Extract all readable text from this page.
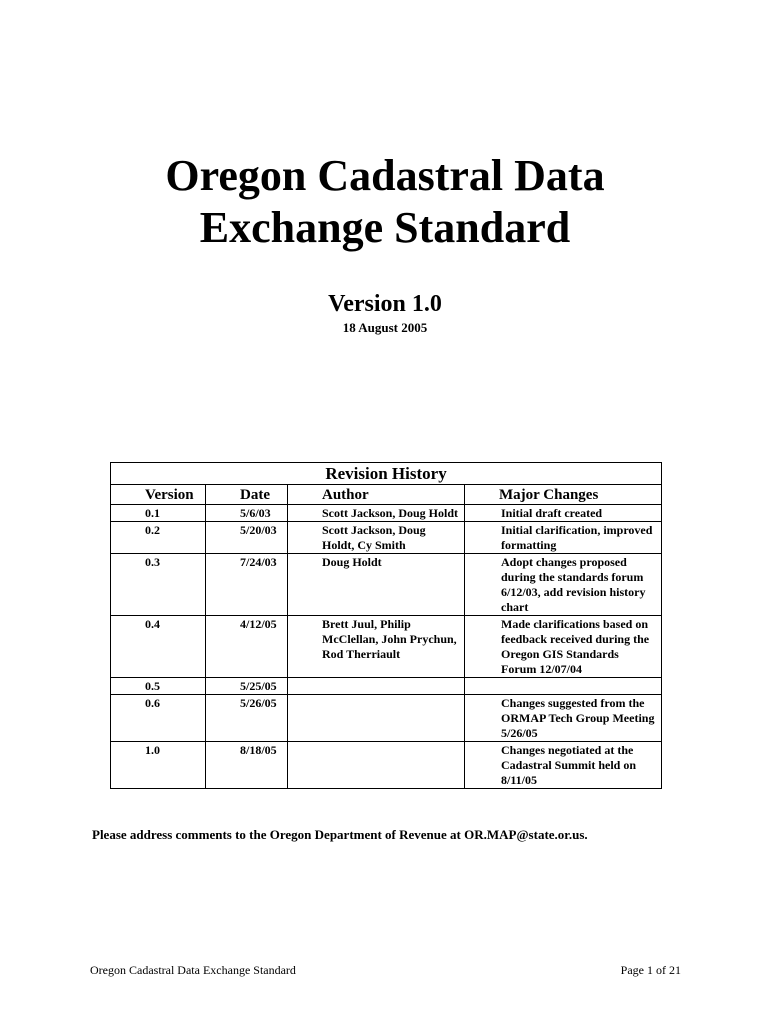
Oregon Cadastral Data
Exchange Standard
Version 1.0
18 August 2005
Revision History			
Version	Date	Author	Major Changes
0.1	5/6/03	Scott Jackson, Doug Holdt	Initial draft created
0.2	5/20/03	Scott Jackson, Doug Holdt, Cy Smith	Initial clarification, improved formatting
0.3	7/24/03	Doug Holdt	Adopt changes proposed during the standards forum 6/12/03, add revision history chart
0.4	4/12/05	Brett Juul, Philip McClellan, John Prychun, Rod Therriault	Made clarifications based on feedback received during the Oregon GIS Standards Forum 12/07/04
0.5	5/25/05		
0.6	5/26/05		Changes suggested from the ORMAP Tech Group Meeting 5/26/05
1.0	8/18/05		Changes negotiated at the Cadastral Summit held on 8/11/05
Please address comments to the Oregon Department of Revenue at OR.MAP@state.or.us.
Oregon Cadastral Data Exchange Standard	Page 1 of 21
